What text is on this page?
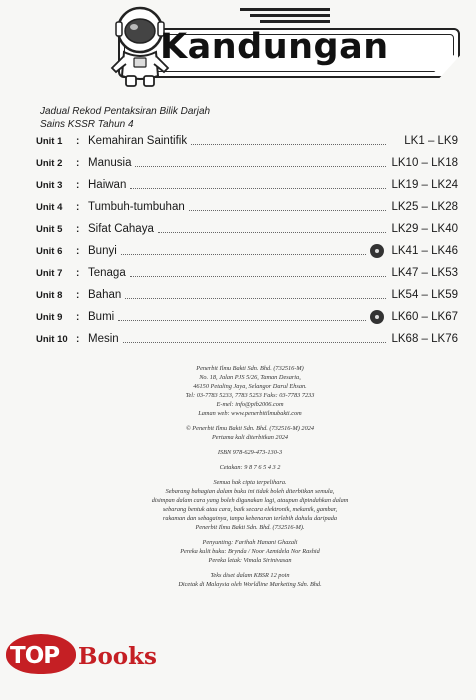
Kandungan
Jadual Rekod Pentaksiran Bilik Darjah
Sains KSSR Tahun 4
Unit 1	: Kemahiran Saintifik	LK1 – LK9
Unit 2	: Manusia	LK10 – LK18
Unit 3	: Haiwan	LK19 – LK24
Unit 4	: Tumbuh-tumbuhan	LK25 – LK28
Unit 5	: Sifat Cahaya	LK29 – LK40
Unit 6	: Bunyi	LK41 – LK46
Unit 7	: Tenaga	LK47 – LK53
Unit 8	: Bahan	LK54 – LK59
Unit 9	: Bumi	LK60 – LK67
Unit 10 : Mesin	LK68 – LK76
Penerbit Ilmu Bakti Sdn. Bhd. (732516-M)
No. 18, Jalan PJS 5/26, Taman Desaria,
46150 Petaling Jaya, Selangor Darul Ehsan.
Tel: 03-7783 5233, 7783 5253 Faks: 03-7783 7233
E-mel: info@pib2006.com
Laman web: www.penerbitilmubakti.com
© Penerbit Ilmu Bakti Sdn. Bhd. (732516-M) 2024
Pertama kali diterbitkan 2024
ISBN 978-629-473-130-3
Cetakan: 9 8 7 6 5 4 3 2
Semua hak cipta terpelihara.
Sebarang bahagian dalam buku ini tidak boleh diterbitkan semula,
disimpan dalam cara yang boleh digunakan lagi, ataupun dipindahkan dalam
sebarang bentuk atau cara, baik secara elektronik, mekanik, gambar,
rakaman dan sebagainya, tanpa kebenaran terlebih dahulu daripada
Penerbit Ilmu Bakti Sdn. Bhd. (732516-M).
Penyunting: Farihah Hanani Ghazali
Pereka kulit buku: Brynda / Noor Azmidela Nor Rashid
Pereka letak: Vimala Sirinivasan
Teks diset dalam KBSR 12 poin
Dicetak di Malaysia oleh Worldline Marketing Sdn. Bhd.
TOP Books
